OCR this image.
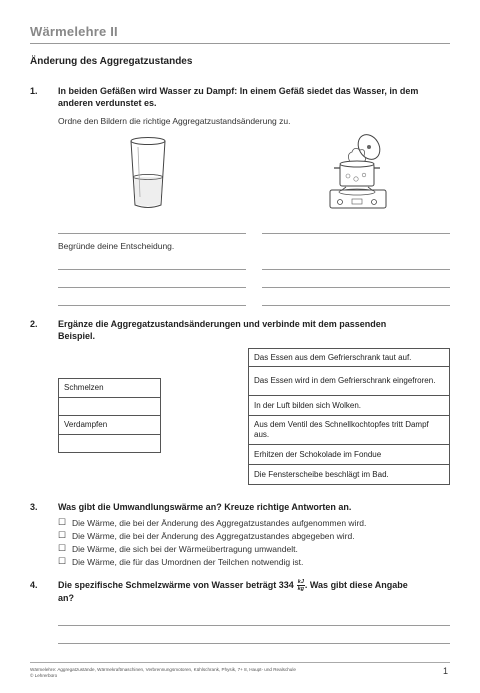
Wärmelehre II
Änderung des Aggregatzustandes
1. In beiden Gefäßen wird Wasser zu Dampf: In einem Gefäß siedet das Wasser, in dem
anderen verdunstet es.
Ordne den Bildern die richtige Aggregatzustandsänderung zu.
Begründe deine Entscheidung.
2. Ergänze die Aggregatzustandsänderungen und verbinde mit dem passenden
Beispiel.
Schmelzen
Verdampfen
Das Essen aus dem Gefrierschrank taut auf.
Das Essen wird in dem Gefrierschrank eingefroren.
In der Luft bilden sich Wolken.
Aus dem Ventil des Schnellkochtopfes tritt Dampf aus.
Erhitzen der Schokolade im Fondue
Die Fensterscheibe beschlägt im Bad.
3. Was gibt die Umwandlungswärme an? Kreuze richtige Antworten an.
☐ Die Wärme, die bei der Änderung des Aggregatzustandes aufgenommen wird.
☐ Die Wärme, die bei der Änderung des Aggregatzustandes abgegeben wird.
☐ Die Wärme, die sich bei der Wärmeübertragung umwandelt.
☐ Die Wärme, die für das Umordnen der Teilchen notwendig ist.
4. Die spezifische Schmelzwärme von Wasser beträgt $334 \frac{kJ}{kg}$ . Was gibt diese Angabe
an?
Wärmelehre: Aggregatzustände, Wärmekraftmaschinen, Verbrennungsmotoren, Kühlschrank, Physik, 7+ 8, Haupt- und Realschule
© Lehrerbüro	1
